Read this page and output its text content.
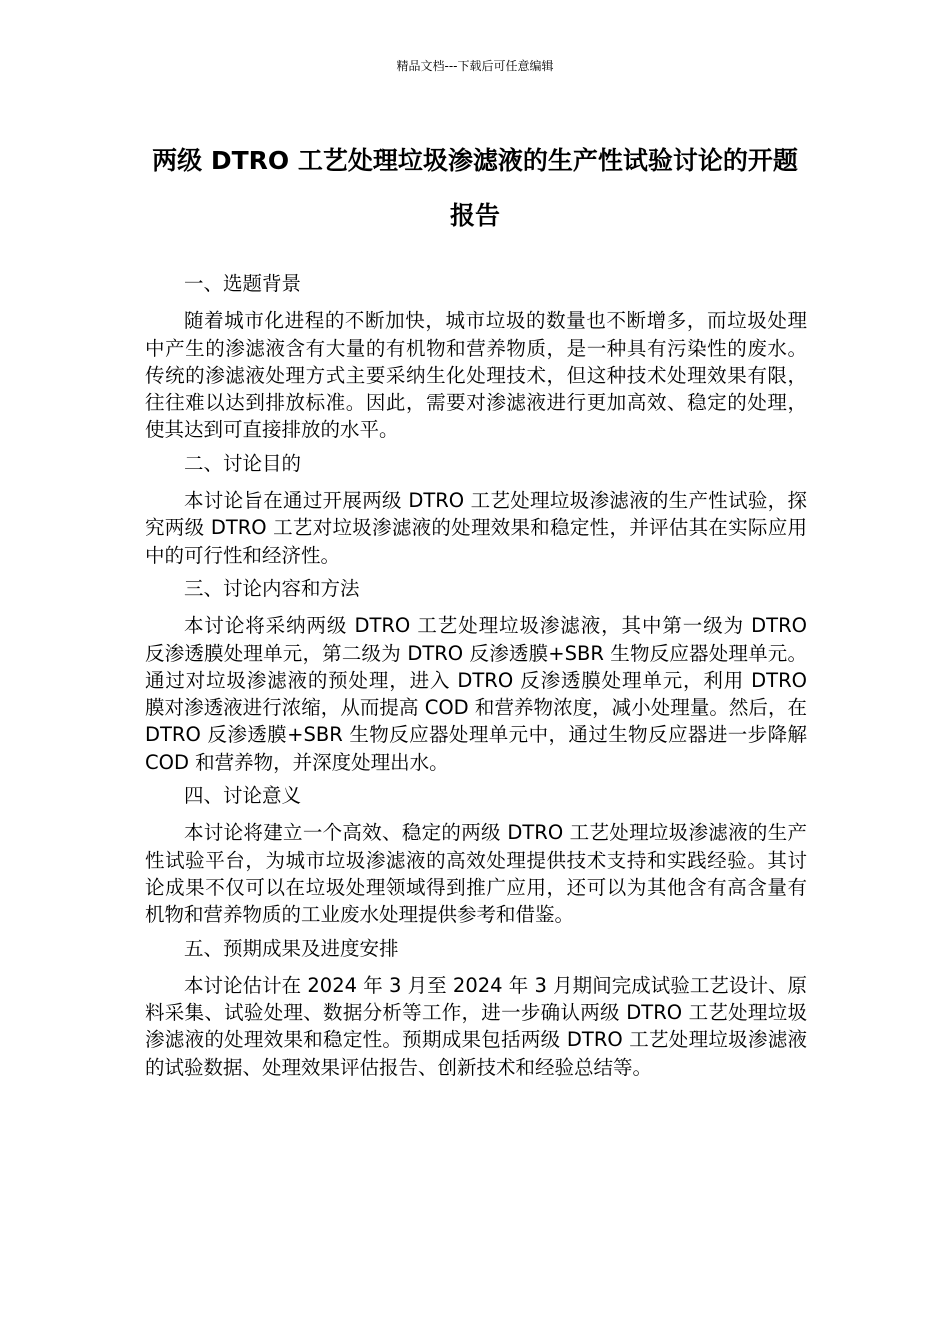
精品文档---下载后可任意编辑
两级 DTRO 工艺处理垃圾渗滤液的生产性试验讨论的开题报告

一、选题背景

随着城市化进程的不断加快，城市垃圾的数量也不断增多，而垃圾处理中产生的渗滤液含有大量的有机物和营养物质，是一种具有污染性的废水。传统的渗滤液处理方式主要采纳生化处理技术，但这种技术处理效果有限，往往难以达到排放标准。因此，需要对渗滤液进行更加高效、稳定的处理，使其达到可直接排放的水平。

二、讨论目的

本讨论旨在通过开展两级 DTRO 工艺处理垃圾渗滤液的生产性试验，探究两级 DTRO 工艺对垃圾渗滤液的处理效果和稳定性，并评估其在实际应用中的可行性和经济性。

三、讨论内容和方法

本讨论将采纳两级 DTRO 工艺处理垃圾渗滤液，其中第一级为 DTRO 反渗透膜处理单元，第二级为 DTRO 反渗透膜+SBR 生物反应器处理单元。通过对垃圾渗滤液的预处理，进入 DTRO 反渗透膜处理单元，利用 DTRO 膜对渗透液进行浓缩，从而提高 COD 和营养物浓度，减小处理量。然后，在 DTRO 反渗透膜+SBR 生物反应器处理单元中，通过生物反应器进一步降解 COD 和营养物，并深度处理出水。

四、讨论意义

本讨论将建立一个高效、稳定的两级 DTRO 工艺处理垃圾渗滤液的生产性试验平台，为城市垃圾渗滤液的高效处理提供技术支持和实践经验。其讨论成果不仅可以在垃圾处理领域得到推广应用，还可以为其他含有高含量有机物和营养物质的工业废水处理提供参考和借鉴。

五、预期成果及进度安排

本讨论估计在 2024 年 3 月至 2024 年 3 月期间完成试验工艺设计、原料采集、试验处理、数据分析等工作，进一步确认两级 DTRO 工艺处理垃圾渗滤液的处理效果和稳定性。预期成果包括两级 DTRO 工艺处理垃圾渗滤液的试验数据、处理效果评估报告、创新技术和经验总结等。
